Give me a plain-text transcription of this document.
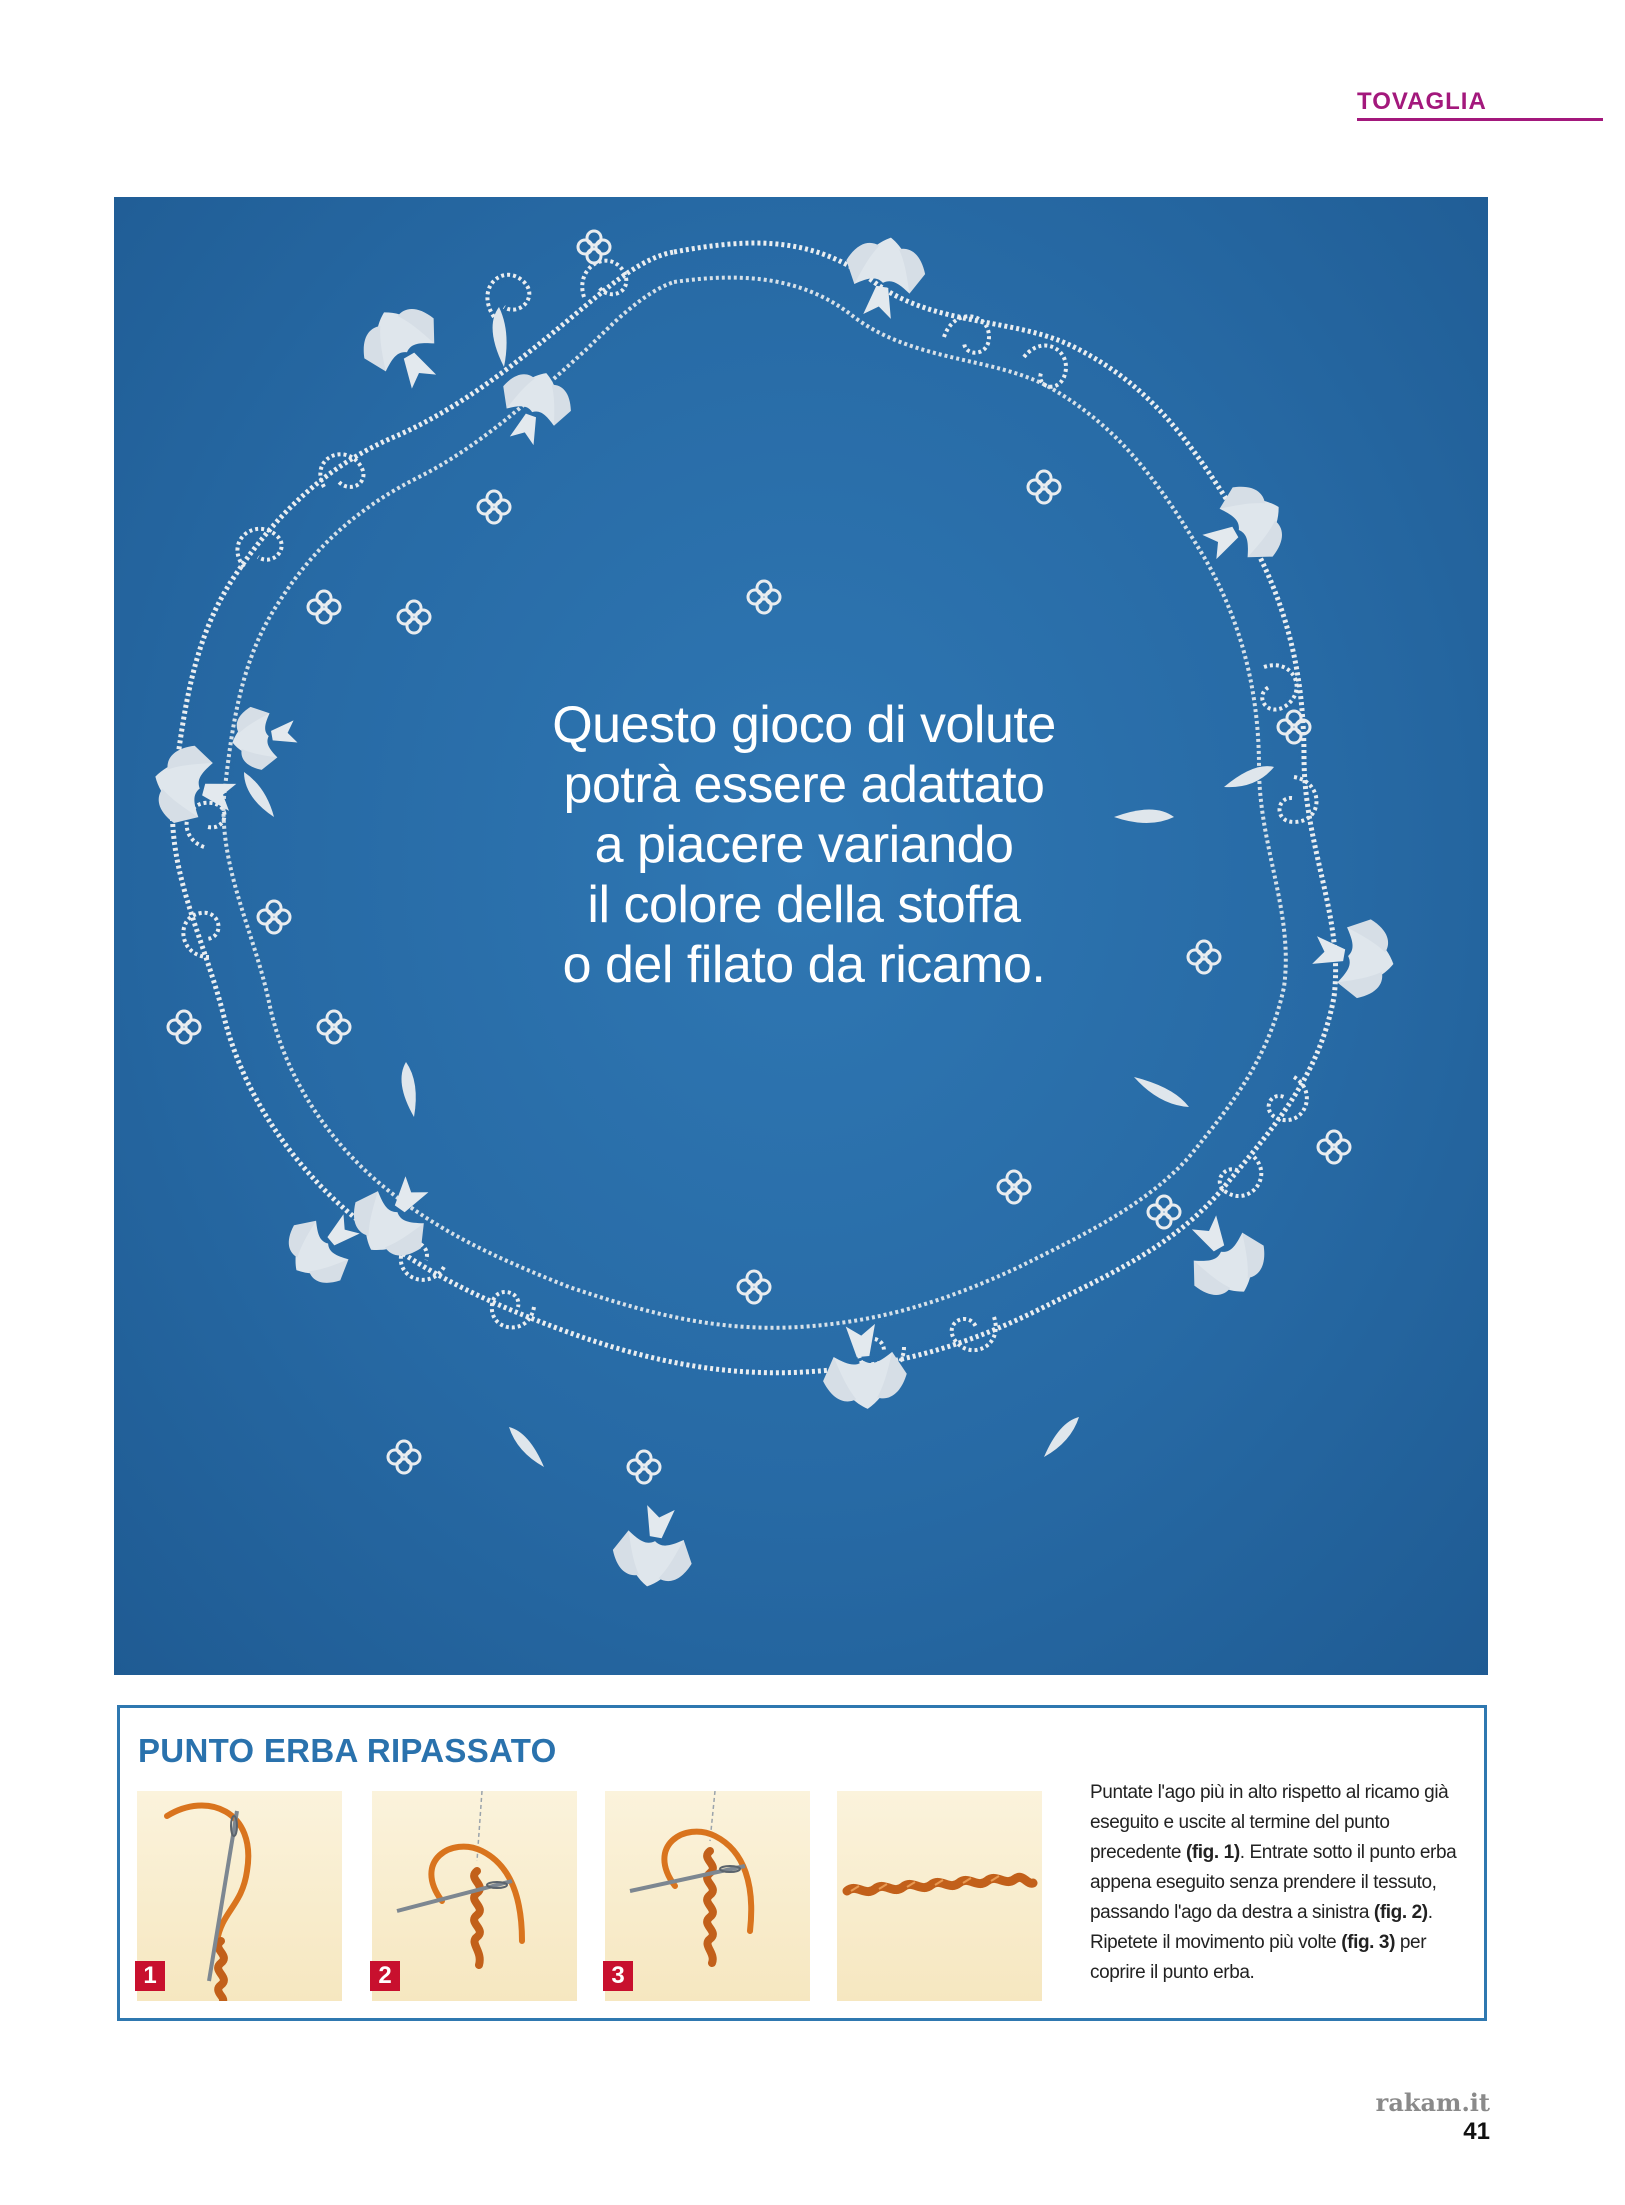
TOVAGLIA
Questo gioco di volute
potrà essere adattato
a piacere variando
il colore della stoffa
o del filato da ricamo.
PUNTO ERBA RIPASSATO
1	2	3
Puntate l'ago più in alto rispetto al ricamo già eseguito e uscite al termine del punto precedente (fig. 1). Entrate sotto il punto erba appena eseguito senza prendere il tessuto, passando l'ago da destra a sinistra (fig. 2). Ripetete il movimento più volte (fig. 3) per coprire il punto erba.
rakam.it 41
